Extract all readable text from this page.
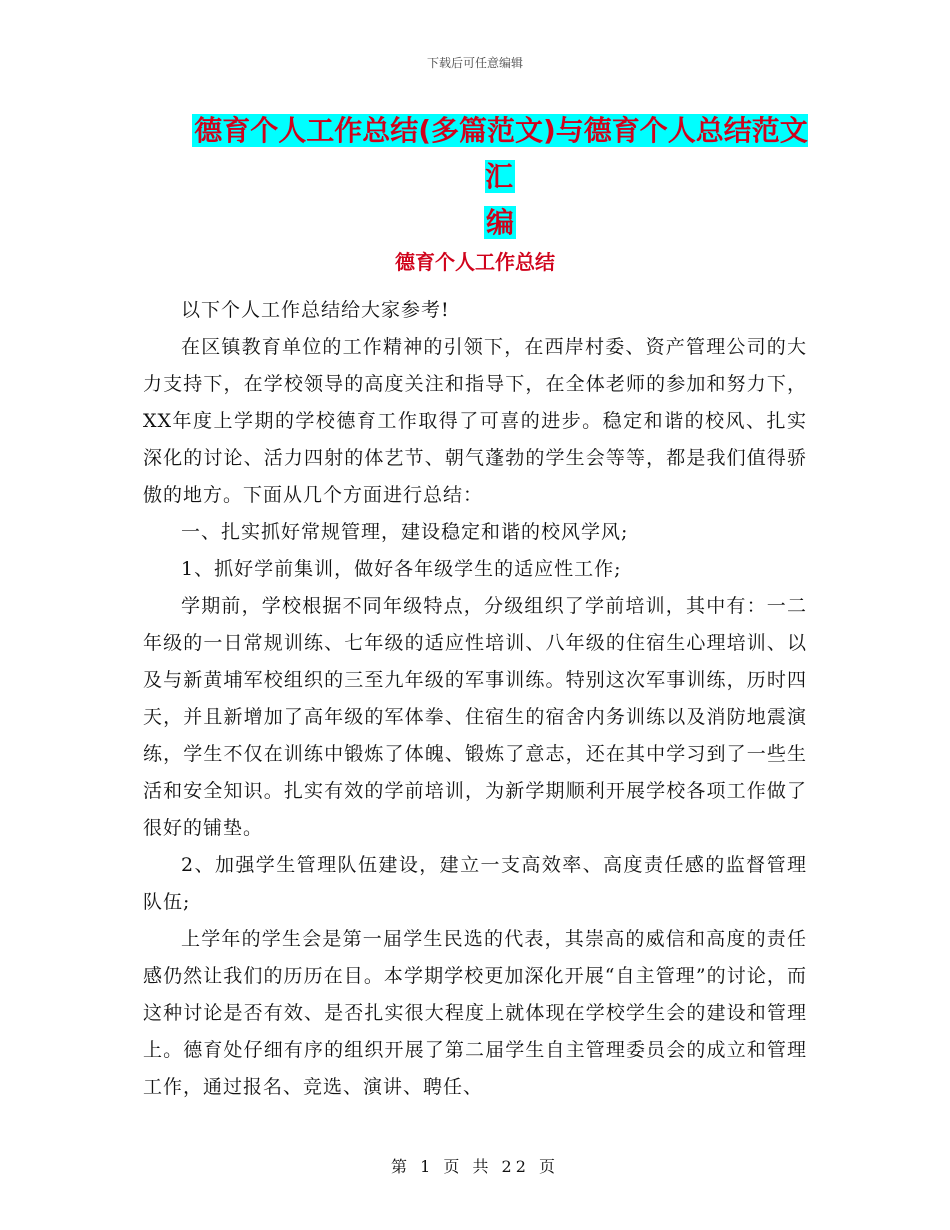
下载后可任意编辑
德育个人工作总结(多篇范文)与德育个人总结范文汇
编
德育个人工作总结

以下个人工作总结给大家参考!

在区镇教育单位的工作精神的引领下，在西岸村委、资产管理公司的大力支持下，在学校领导的高度关注和指导下，在全体老师的参加和努力下，XX年度上学期的学校德育工作取得了可喜的进步。稳定和谐的校风、扎实深化的讨论、活力四射的体艺节、朝气蓬勃的学生会等等，都是我们值得骄傲的地方。下面从几个方面进行总结：

一、扎实抓好常规管理，建设稳定和谐的校风学风;

1、抓好学前集训，做好各年级学生的适应性工作;

学期前，学校根据不同年级特点，分级组织了学前培训，其中有：一二年级的一日常规训练、七年级的适应性培训、八年级的住宿生心理培训、以及与新黄埔军校组织的三至九年级的军事训练。特别这次军事训练，历时四天，并且新增加了高年级的军体拳、住宿生的宿舍内务训练以及消防地震演练，学生不仅在训练中锻炼了体魄、锻炼了意志，还在其中学习到了一些生活和安全知识。扎实有效的学前培训，为新学期顺利开展学校各项工作做了很好的铺垫。

2、加强学生管理队伍建设，建立一支高效率、高度责任感的监督管理队伍;

上学年的学生会是第一届学生民选的代表，其崇高的威信和高度的责任感仍然让我们的历历在目。本学期学校更加深化开展“自主管理”的讨论，而这种讨论是否有效、是否扎实很大程度上就体现在学校学生会的建设和管理上。德育处仔细有序的组织开展了第二届学生自主管理委员会的成立和管理工作，通过报名、竞选、演讲、聘任、

第 1 页 共 22 页
